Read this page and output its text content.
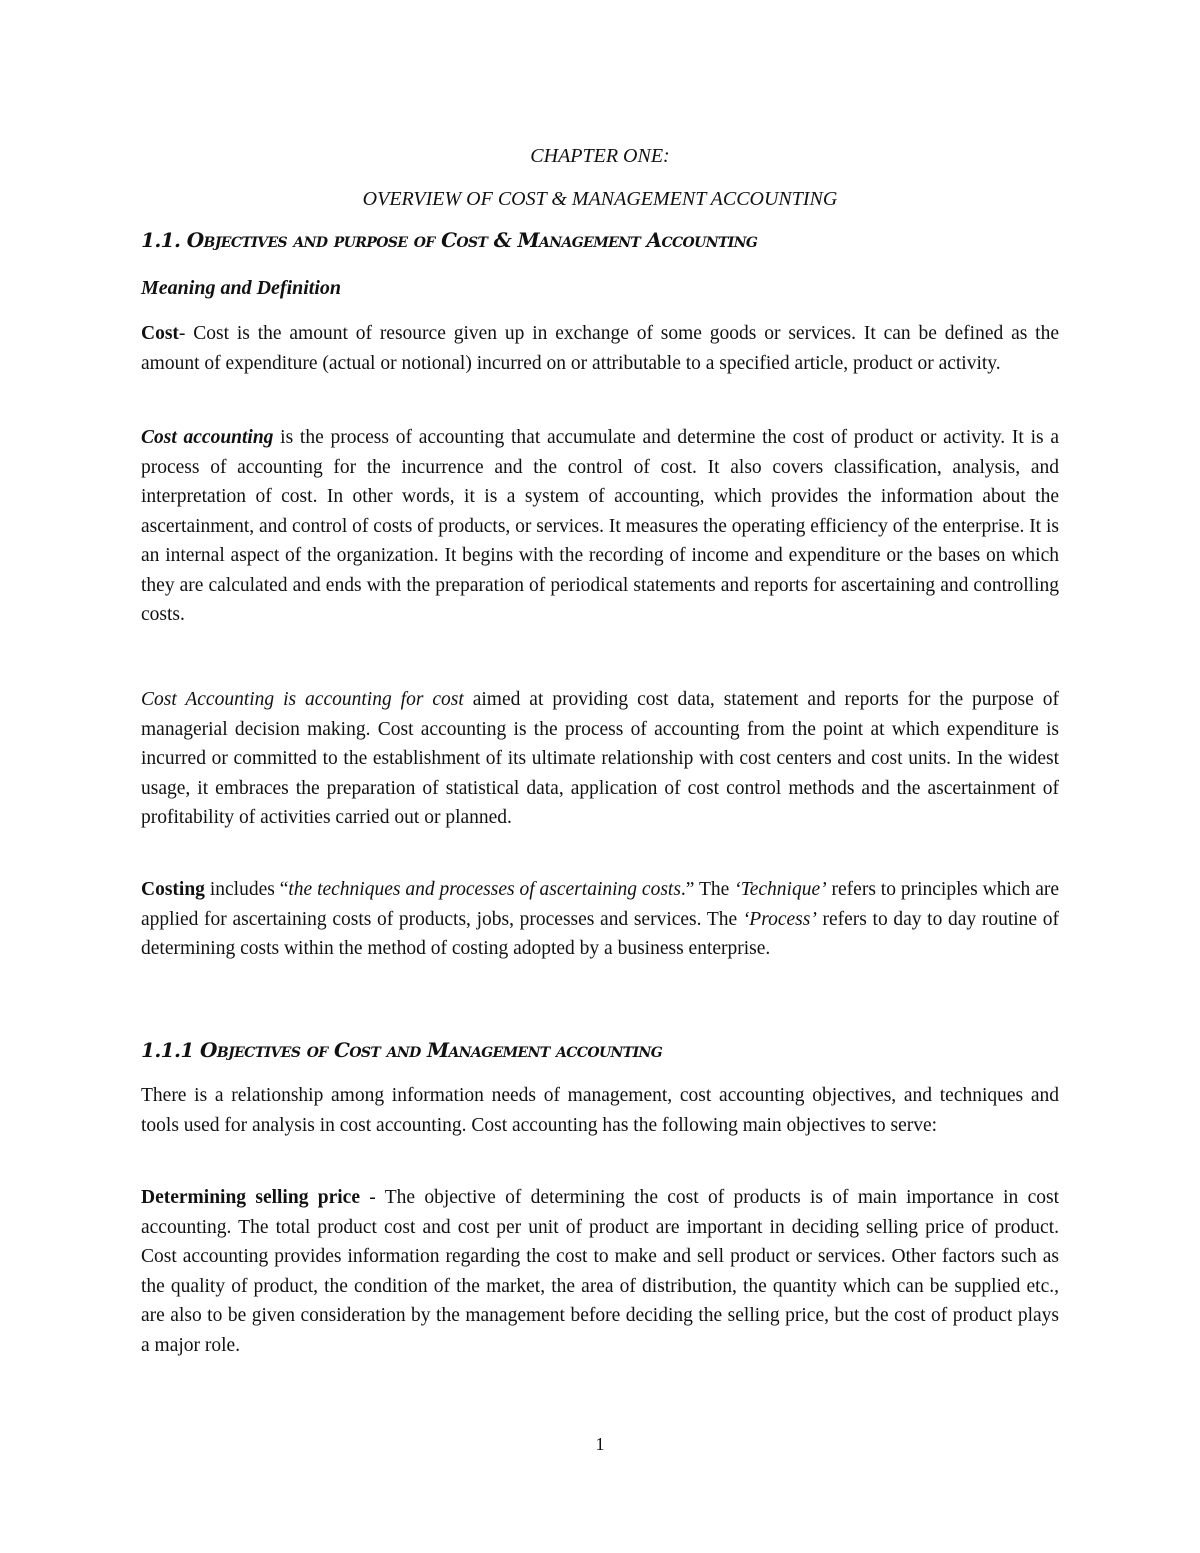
CHAPTER ONE:
OVERVIEW OF COST & MANAGEMENT ACCOUNTING
1.1. Objectives and purpose of Cost & Management Accounting
Meaning and Definition

Cost- Cost is the amount of resource given up in exchange of some goods or services. It can be defined as the amount of expenditure (actual or notional) incurred on or attributable to a specified article, product or activity.

Cost accounting is the process of accounting that accumulate and determine the cost of product or activity. It is a process of accounting for the incurrence and the control of cost. It also covers classification, analysis, and interpretation of cost. In other words, it is a system of accounting, which provides the information about the ascertainment, and control of costs of products, or services. It measures the operating efficiency of the enterprise. It is an internal aspect of the organization. It begins with the recording of income and expenditure or the bases on which they are calculated and ends with the preparation of periodical statements and reports for ascertaining and controlling costs.

Cost Accounting is accounting for cost aimed at providing cost data, statement and reports for the purpose of managerial decision making. Cost accounting is the process of accounting from the point at which expenditure is incurred or committed to the establishment of its ultimate relationship with cost centers and cost units. In the widest usage, it embraces the preparation of statistical data, application of cost control methods and the ascertainment of profitability of activities carried out or planned.

Costing includes “the techniques and processes of ascertaining costs.” The ‘Technique’ refers to principles which are applied for ascertaining costs of products, jobs, processes and services. The ‘Process’ refers to day to day routine of determining costs within the method of costing adopted by a business enterprise.

1.1.1 Objectives of Cost and Management accounting

There is a relationship among information needs of management, cost accounting objectives, and techniques and tools used for analysis in cost accounting. Cost accounting has the following main objectives to serve:

Determining selling price - The objective of determining the cost of products is of main importance in cost accounting. The total product cost and cost per unit of product are important in deciding selling price of product. Cost accounting provides information regarding the cost to make and sell product or services. Other factors such as the quality of product, the condition of the market, the area of distribution, the quantity which can be supplied etc., are also to be given consideration by the management before deciding the selling price, but the cost of product plays a major role.

1
